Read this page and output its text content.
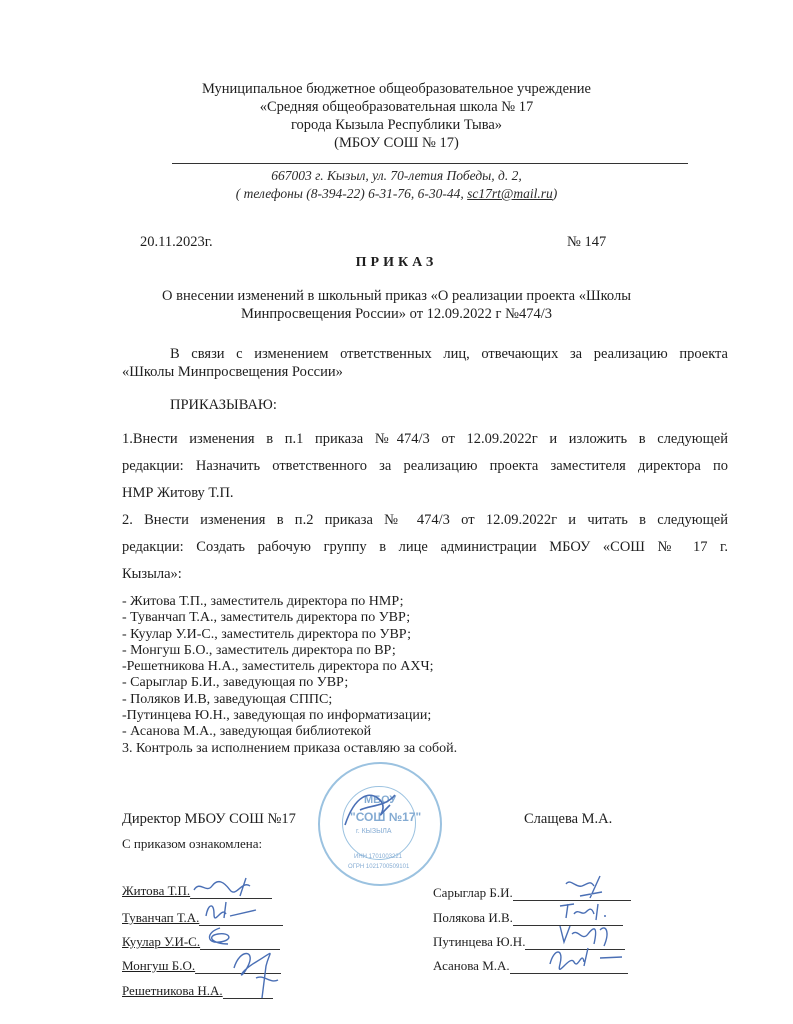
Муниципальное бюджетное общеобразовательное учреждение
«Средняя общеобразовательная школа № 17
города Кызыла Республики Тыва»
(МБОУ СОШ № 17)
667003 г. Кызыл, ул. 70-летия Победы, д. 2,
( телефоны (8-394-22) 6-31-76, 6-30-44, sc17rt@mail.ru)
20.11.2023г.	№ 147
ПРИКАЗ
О внесении изменений в школьный приказ «О реализации проекта «Школы
Минпросвещения России» от 12.09.2022 г №474/3
В связи с изменением ответственных лиц, отвечающих за реализацию проекта
«Школы Минпросвещения России»
ПРИКАЗЫВАЮ:
1.Внести изменения в п.1 приказа №474/3 от 12.09.2022г и изложить в следующей
редакции: Назначить ответственного за реализацию проекта заместителя директора по
НМР Житову Т.П.
2. Внести изменения в п.2 приказа № 474/3 от 12.09.2022г и читать в следующей
редакции: Создать рабочую группу в лице администрации МБОУ «СОШ № 17 г.
Кызыла»:
- Житова Т.П., заместитель директора по НМР;
- Туванчап Т.А., заместитель директора по УВР;
- Куулар У.И-С., заместитель директора по УВР;
- Монгуш Б.О., заместитель директора по ВР;
-Решетникова Н.А., заместитель директора по АХЧ;
- Сарыглар Б.И., заведующая по УВР;
- Поляков И.В, заведующая СППС;
-Путинцева Ю.Н., заведующая по информатизации;
- Асанова М.А., заведующая библиотекой
3. Контроль за исполнением приказа оставляю за собой.
МБОУ
"СОШ №17"
г. КЫЗЫЛА
ИНН 1701003221
ОГРН 1021700509101
Директор МБОУ СОШ №17	Слащева М.А.
С приказом ознакомлена:
Житова Т.П.
Туванчап Т.А.
Куулар У.И-С.
Монгуш Б.О.
Решетникова Н.А.
Сарыглар Б.И.
Полякова И.В.
Путинцева Ю.Н.
Асанова М.А.
